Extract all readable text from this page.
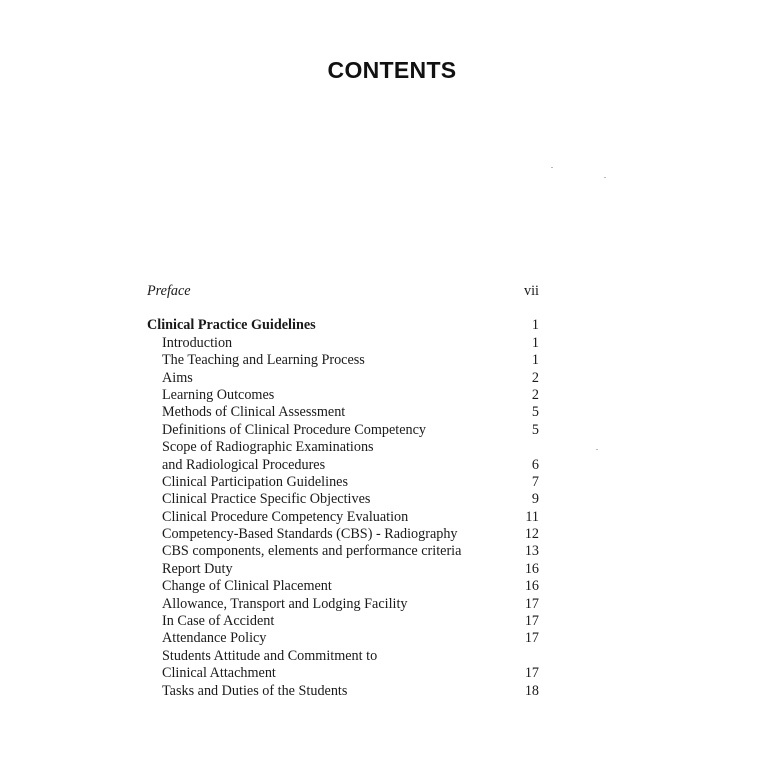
CONTENTS
Preface	vii
Clinical Practice Guidelines	1
Introduction	1
The Teaching and Learning Process	1
Aims	2
Learning Outcomes	2
Methods of Clinical Assessment	5
Definitions of Clinical Procedure Competency	5
Scope of Radiographic Examinations
and Radiological Procedures	6
Clinical Participation Guidelines	7
Clinical Practice Specific Objectives	9
Clinical Procedure Competency Evaluation	11
Competency-Based Standards (CBS) - Radiography	12
CBS components, elements and performance criteria	13
Report Duty	16
Change of Clinical Placement	16
Allowance, Transport and Lodging Facility	17
In Case of Accident	17
Attendance Policy	17
Students Attitude and Commitment to
Clinical Attachment	17
Tasks and Duties of the Students	18
